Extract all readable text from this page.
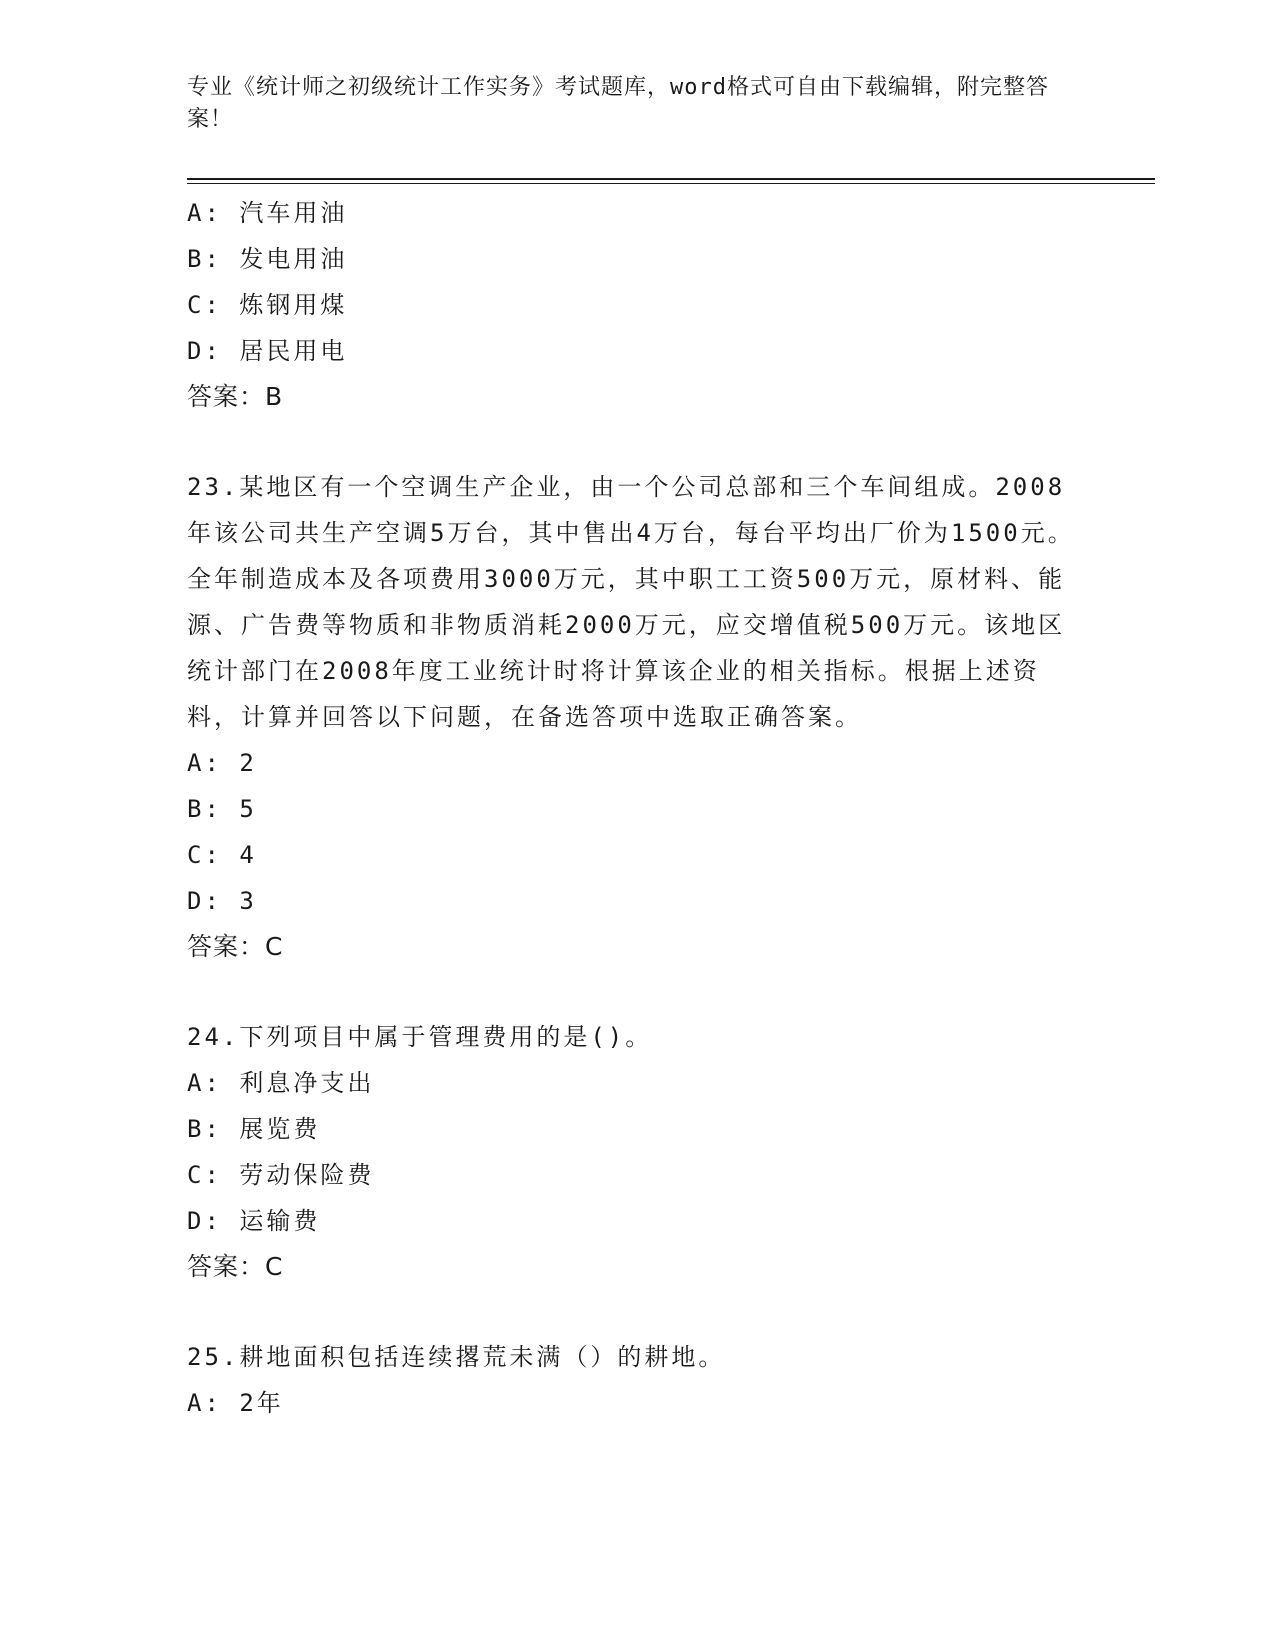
专业《统计师之初级统计工作实务》考试题库，word格式可自由下载编辑，附完整答案！
A: 汽车用油
B: 发电用油
C: 炼钢用煤
D: 居民用电
答案：B
23.某地区有一个空调生产企业，由一个公司总部和三个车间组成。2008年该公司共生产空调5万台，其中售出4万台，每台平均出厂价为1500元。全年制造成本及各项费用3000万元，其中职工工资500万元，原材料、能源、广告费等物质和非物质消耗2000万元，应交增值税500万元。该地区统计部门在2008年度工业统计时将计算该企业的相关指标。根据上述资料，计算并回答以下问题，在备选答项中选取正确答案。
A: 2
B: 5
C: 4
D: 3
答案：C
24.下列项目中属于管理费用的是()。
A: 利息净支出
B: 展览费
C: 劳动保险费
D: 运输费
答案：C
25.耕地面积包括连续撂荒未满（）的耕地。
A: 2年
